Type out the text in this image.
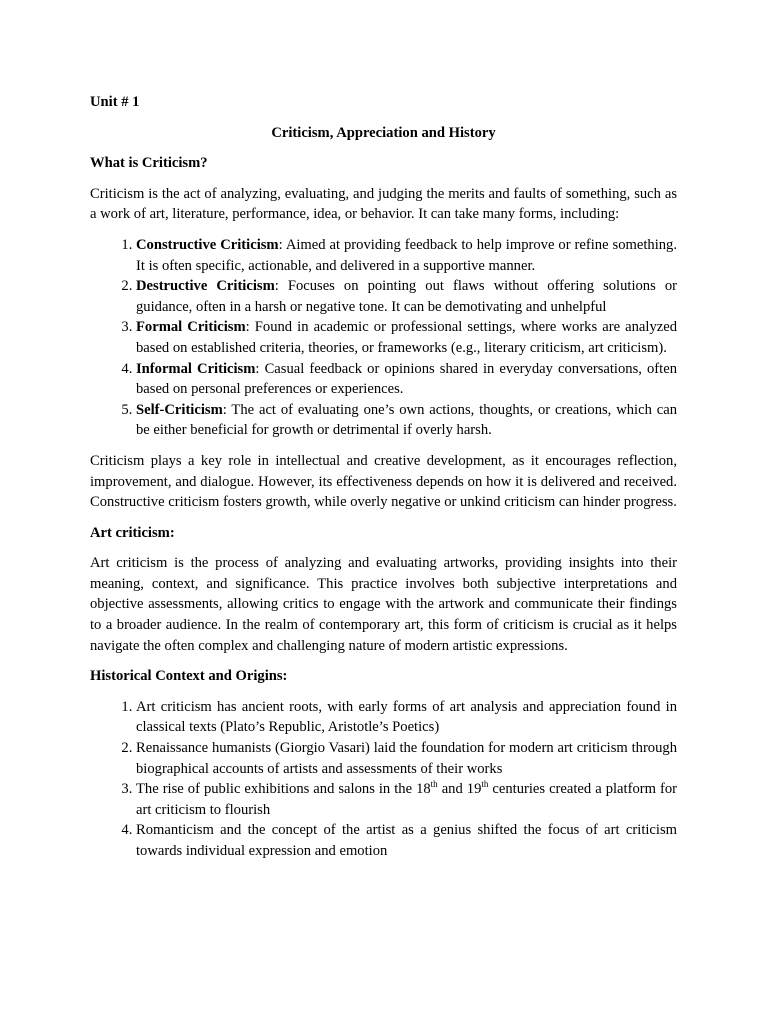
Unit # 1

Criticism, Appreciation and History

What is Criticism?

Criticism is the act of analyzing, evaluating, and judging the merits and faults of something, such as a work of art, literature, performance, idea, or behavior. It can take many forms, including:

1. Constructive Criticism: Aimed at providing feedback to help improve or refine something. It is often specific, actionable, and delivered in a supportive manner.
2. Destructive Criticism: Focuses on pointing out flaws without offering solutions or guidance, often in a harsh or negative tone. It can be demotivating and unhelpful
3. Formal Criticism: Found in academic or professional settings, where works are analyzed based on established criteria, theories, or frameworks (e.g., literary criticism, art criticism).
4. Informal Criticism: Casual feedback or opinions shared in everyday conversations, often based on personal preferences or experiences.
5. Self-Criticism: The act of evaluating one’s own actions, thoughts, or creations, which can be either beneficial for growth or detrimental if overly harsh.

Criticism plays a key role in intellectual and creative development, as it encourages reflection, improvement, and dialogue. However, its effectiveness depends on how it is delivered and received. Constructive criticism fosters growth, while overly negative or unkind criticism can hinder progress.

Art criticism:

Art criticism is the process of analyzing and evaluating artworks, providing insights into their meaning, context, and significance. This practice involves both subjective interpretations and objective assessments, allowing critics to engage with the artwork and communicate their findings to a broader audience. In the realm of contemporary art, this form of criticism is crucial as it helps navigate the often complex and challenging nature of modern artistic expressions.

Historical Context and Origins:

1. Art criticism has ancient roots, with early forms of art analysis and appreciation found in classical texts (Plato’s Republic, Aristotle’s Poetics)
2. Renaissance humanists (Giorgio Vasari) laid the foundation for modern art criticism through biographical accounts of artists and assessments of their works
3. The rise of public exhibitions and salons in the 18th and 19th centuries created a platform for art criticism to flourish
4. Romanticism and the concept of the artist as a genius shifted the focus of art criticism towards individual expression and emotion
